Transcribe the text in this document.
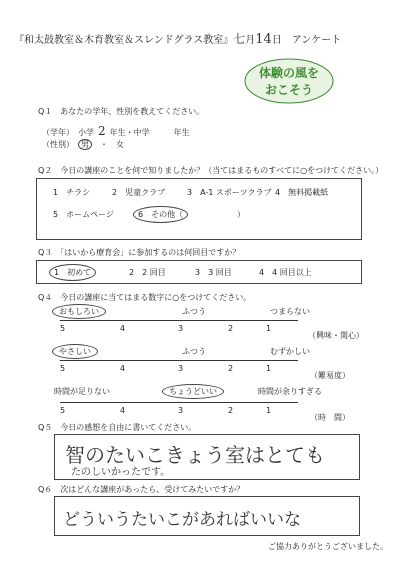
『和太鼓教室＆木育教室＆スレンドグラス教室』七月14日　 アンケート
体験の風を
おこそう
Q１　 あなたの学年、性別を教えてください。
（学年）　 小学 2 年生・中学　　　	年生
（性別）　 男　 ・　 女
Q２　 今日の講座のことを何で知りましたか？（当てはまるものすべてに○をつけてください。）
1　チラシ	2　児童クラブ	3　A-1 スポーツクラブ 4　無料掲載紙
5　ホームページ	6　その他（	）
Q３　 「はいから療育会」に参加するのは何回目ですか？
1　初めて	2　2 回目	3　3 回目	4　4 回目以上
Q４　 今日の講座に当てはまる数字に○をつけてください。
おもしろい	ふつう	つまらない
5	4	3	2	1
（興味・関心）
やさしい	ふつう	むずかしい
5	4	3	2	1
（難易度）
時間が足りない	ちょうどいい	時間が余りすぎる
5	4	3	2	1
（時　間）
Q５　 今日の感想を自由に書いてください。
智のたいこきょう室はとても
たのしいかったです。
Q６　 次はどんな講座があったら、受けてみたいですか？
どういうたいこがあればいいな
ご協力ありがとうございました。
